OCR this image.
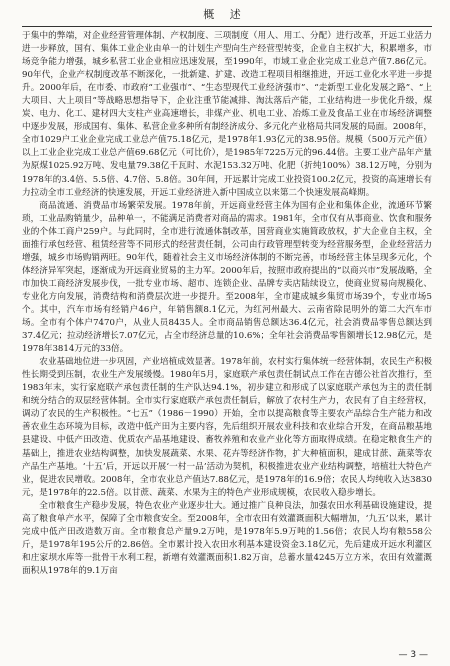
概 述

于集中的弊端，对企业经营管理体制、产权制度、三项制度（用人、用工、分配）进行改革，开远工业活力进一步释放，国有、集体工业企业由单一的计划生产型向生产经营型转变，企业自主权扩大，积累增多，市场竞争能力增强，城乡私营工业企业相应迅速发展，至1990年，市域工业企业完成工业总产值7.86亿元。90年代，企业产权制度改革不断深化，一批新建、扩建、改造工程项目相继推进，开远工业化水平进一步提升。2000年后，在市委、市政府“工业强市”、“生态型现代工业经济强市”、“走新型工业化发展之路”、“上大项目、大上项目”等战略思想指导下，企业注重节能减排、淘汰落后产能，工业结构进一步优化升级，煤炭、电力、化工、建材四大支柱产业高速增长，非煤产业、机电工业、冶炼工业及食品工业在市场经济调整中逐步发展，形成国有、集体、私营企业多种所有制经济成分、多元化产业格局共同发展的局面。2008年，全市1029户工业企业完成工业总产值75.18亿元，是1978年1.93亿元的38.95倍。规模（500万元产值）以上工业企业完成工业总产值69.68亿元（可比价），是1985年7225万元的96.44倍。主要工业产品年产量为原煤1025.92万吨、发电量79.38亿千瓦时、水泥153.32万吨、化肥（折纯100%）38.12万吨，分别为1978年的3.4倍、5.5倍、4.7倍、5.8倍。30年间，开远累计完成工业投资100.2亿元，投资的高速增长有力拉动全市工业经济的快速发展，开远工业经济进入新中国成立以来第二个快速发展高峰期。

商品流通、消费品市场繁荣发展。1978年前，开远商业经营主体为国有企业和集体企业，流通环节繁琐，工业品购销量少，品种单一，不能满足消费者对商品的需求。1981年，全市仅有从事商业、饮食和服务业的个体工商户259户。与此同时，全市进行流通体制改革，国营商业实施简政放权，扩大企业自主权，全面推行承包经营、租赁经营等不同形式的经营责任制，公司由行政管理型转变为经营服务型，企业经营活力增强，城乡市场购销两旺。90年代，随着社会主义市场经济体制的不断完善，市场经营主体呈现多元化，个体经济异军突起，逐渐成为开远商业贸易的主力军。2000年后，按照市政府提出的“以商兴市”发展战略，全市加快工商经济发展步伐，一批专业市场、超市、连锁企业、品牌专卖店陆续设立，使商业贸易向规模化、专业化方向发展，消费结构和消费层次进一步提升。至2008年，全市建成城乡集贸市场39个，专业市场5个。其中，汽车市场有经销户46户，年销售额8.1亿元，为红河州最大、云南省除昆明外的第二大汽车市场。全市有个体户7470户，从业人员8435人。全市商品销售总额达36.4亿元，社会消费品零售总额达到37.4亿元；拉动经济增长7.07亿元，占全市经济总量的10.6%；全年社会消费品零售额增长12.98亿元，是1978年3814万元的33倍。

农业基础地位进一步巩固，产业培植成效显著。1978年前，农村实行集体统一经营体制，农民生产积极性长期受到压制，农业生产发展缓慢。1980年5月，家庭联产承包责任制试点工作在吉德公社首次推行，至1983年末，实行家庭联产承包责任制的生产队达94.1%，初步建立和形成了以家庭联产承包为主的责任制和统分结合的双层经营体制。全市实行家庭联产承包责任制后，解放了农村生产力，农民有了自主经营权，调动了农民的生产积极性。“七五”（1986－1990）开始，全市以提高粮食等主要农产品综合生产能力和改善农业生态环境为目标，改造中低产田为主要内容，先后组织开展农业科技和农业综合开发，在商品粮基地县建设、中低产田改造、优质农产品基地建设、畜牧养殖和农业产业化等方面取得成绩。在稳定粮食生产的基础上，推进农业结构调整，加快发展蔬菜、水果、花卉等经济作物，扩大种植面积，建成甘蔗、蔬菜等农产品生产基地。‘十五’后，开远以开展‘一村一品’活动为契机，积极推进农业产业结构调整，培植壮大特色产业，促进农民增收。2008年，全市农业总产值达7.88亿元，是1978年的16.9倍；农民人均纯收入达3830元，是1978年的22.5倍。以甘蔗、蔬菜、水果为主的特色产业形成规模，农民收入稳步增长。

全市粮食生产稳步发展，特色农业产业逐步壮大。通过推广良种良法，加强农田水利基础设施建设，提高了粮食单产水平，保障了全市粮食安全。至2008年，全市农田有效灌溉面积大幅增加，‘九五’以来，累计完成中低产田改造数万亩。全市粮食总产量9.2万吨，是1978年5.9万吨的1.56倍；农民人均有粮558公斤，是1978年195公斤的2.86倍。全市累计投入农田水利基本建设资金3.18亿元，先后建成开远水利灌区和庄家坝水库等一批骨干水利工程，新增有效灌溉面积1.82万亩，总蓄水量4245万立方米，农田有效灌溉面积从1978年的9.1万亩

— 3 —
